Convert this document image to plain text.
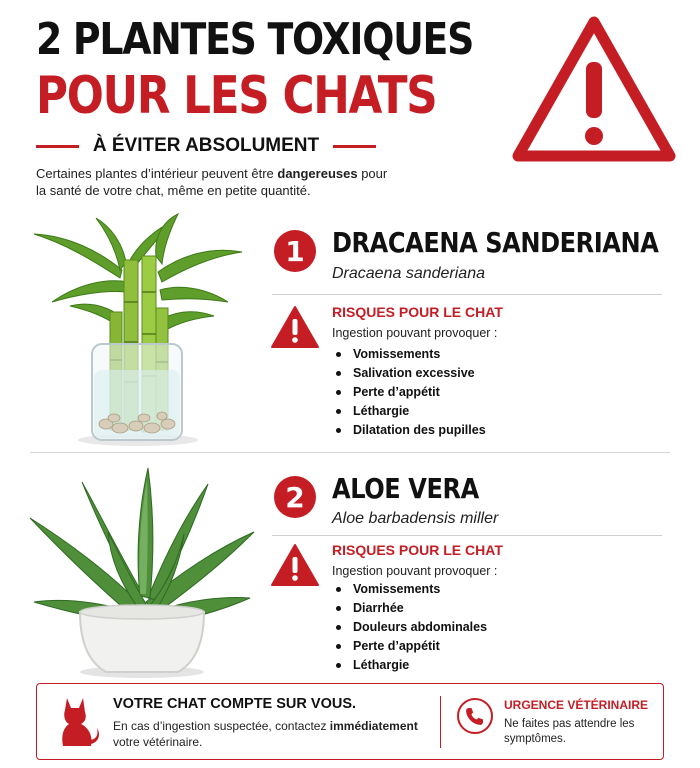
2 PLANTES TOXIQUES
POUR LES CHATS
À ÉVITER ABSOLUMENT

Certaines plantes d’intérieur peuvent être dangereuses pour la santé de votre chat, même en petite quantité.

1 DRACAENA SANDERIANA
Dracaena sanderiana
RISQUES POUR LE CHAT
Ingestion pouvant provoquer :
Vomissements
Salivation excessive
Perte d’appétit
Léthargie
Dilatation des pupilles
2 ALOE VERA
Aloe barbadensis miller
RISQUES POUR LE CHAT
Ingestion pouvant provoquer :
Vomissements
Diarrhée
Douleurs abdominales
Perte d’appétit
Léthargie
VOTRE CHAT COMPTE SUR VOUS.

En cas d’ingestion suspectée, contactez immédiatement votre vétérinaire.

URGENCE VÉTÉRINAIRE
Ne faites pas attendre les symptômes.
